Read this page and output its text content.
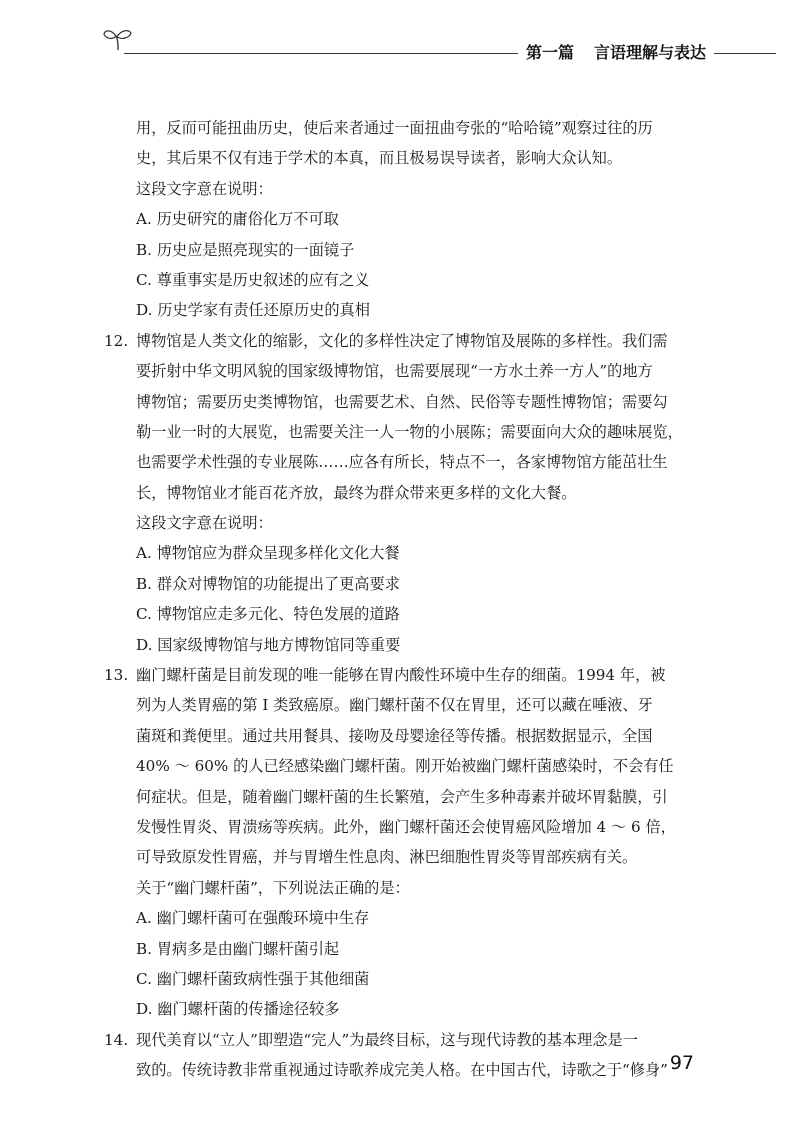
第一篇 言语理解与表达
用，反而可能扭曲历史，使后来者通过一面扭曲夸张的“哈哈镜”观察过往的历
史，其后果不仅有违于学术的本真，而且极易误导读者，影响大众认知。
这段文字意在说明：
A. 历史研究的庸俗化万不可取
B. 历史应是照亮现实的一面镜子
C. 尊重事实是历史叙述的应有之义
D. 历史学家有责任还原历史的真相
12. 博物馆是人类文化的缩影，文化的多样性决定了博物馆及展陈的多样性。我们需
要折射中华文明风貌的国家级博物馆，也需要展现“一方水土养一方人”的地方
博物馆；需要历史类博物馆，也需要艺术、自然、民俗等专题性博物馆；需要勾
勒一业一时的大展览，也需要关注一人一物的小展陈；需要面向大众的趣味展览，
也需要学术性强的专业展陈……应各有所长，特点不一，各家博物馆方能茁壮生
长，博物馆业才能百花齐放，最终为群众带来更多样的文化大餐。
这段文字意在说明：
A. 博物馆应为群众呈现多样化文化大餐
B. 群众对博物馆的功能提出了更高要求
C. 博物馆应走多元化、特色发展的道路
D. 国家级博物馆与地方博物馆同等重要
13. 幽门螺杆菌是目前发现的唯一能够在胃内酸性环境中生存的细菌。1994 年，被
列为人类胃癌的第 I 类致癌原。幽门螺杆菌不仅在胃里，还可以藏在唾液、牙
菌斑和粪便里。通过共用餐具、接吻及母婴途径等传播。根据数据显示，全国
40% ～ 60% 的人已经感染幽门螺杆菌。刚开始被幽门螺杆菌感染时，不会有任
何症状。但是，随着幽门螺杆菌的生长繁殖，会产生多种毒素并破坏胃黏膜，引
发慢性胃炎、胃溃疡等疾病。此外，幽门螺杆菌还会使胃癌风险增加 4 ～ 6 倍，
可导致原发性胃癌，并与胃增生性息肉、淋巴细胞性胃炎等胃部疾病有关。
关于“幽门螺杆菌”，下列说法正确的是：
A. 幽门螺杆菌可在强酸环境中生存
B. 胃病多是由幽门螺杆菌引起
C. 幽门螺杆菌致病性强于其他细菌
D. 幽门螺杆菌的传播途径较多
14. 现代美育以“立人”即塑造“完人”为最终目标，这与现代诗教的基本理念是一
致的。传统诗教非常重视通过诗歌养成完美人格。在中国古代，诗歌之于“修身” 97
